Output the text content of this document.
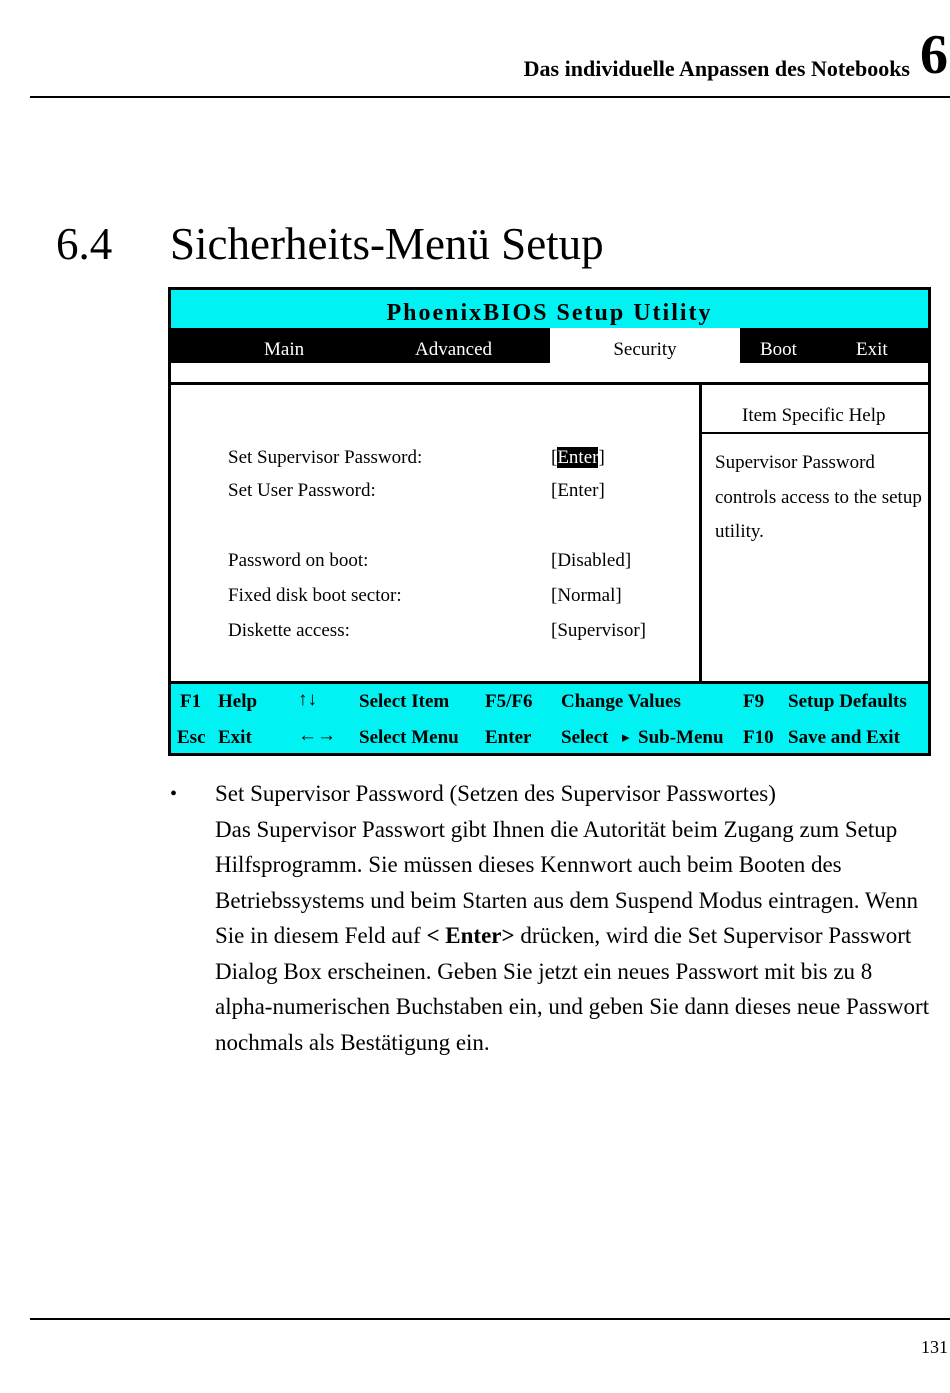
Das individuelle Anpassen des Notebooks 6
6.4 Sicherheits-Menü Setup
PhoenixBIOS Setup Utility
Main	Advanced	Security	Boot	Exit
Item Specific Help
Supervisor Password controls access to the setup utility.
Set Supervisor Password:	[Enter]
Set User Password:	[Enter]
Password on boot:	[Disabled]
Fixed disk boot sector:	[Normal]
Diskette access:	[Supervisor]
F1 Help ↑↓ Select Item F5/F6 Change Values	F9 Setup Defaults
Esc Exit ←→ Select Menu Enter Select ▸ Sub-Menu F10 Save and Exit
• Set Supervisor Password (Setzen des Supervisor Passwortes)

Das Supervisor Passwort gibt Ihnen die Autorität beim Zugang zum Setup Hilfsprogramm. Sie müssen dieses Kennwort auch beim Booten des Betriebssystems und beim Starten aus dem Suspend Modus eintragen. Wenn Sie in diesem Feld auf < Enter> drücken, wird die Set Supervisor Passwort Dialog Box erscheinen. Geben Sie jetzt ein neues Passwort mit bis zu 8 alpha-numerischen Buchstaben ein, und geben Sie dann dieses neue Passwort nochmals als Bestätigung ein.

131
